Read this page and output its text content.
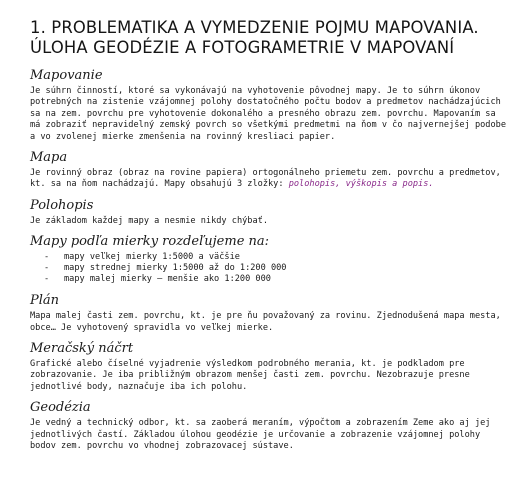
1. PROBLEMATIKA A VYMEDZENIE POJMU MAPOVANIA. ÚLOHA GEODÉZIE A FOTOGRAMETRIE V MAPOVANÍ
Mapovanie

Je súhrn činností, ktoré sa vykonávajú na vyhotovenie pôvodnej mapy. Je to súhrn úkonov potrebných na zistenie vzájomnej polohy dostatočného počtu bodov a predmetov nachádzajúcich sa na zem. povrchu pre vyhotovenie dokonalého a presného obrazu zem. povrchu. Mapovaním sa má zobraziť nepravidelný zemský povrch so všetkými predmetmi na ňom v čo najvernejšej podobe a vo zvolenej mierke zmenšenia na rovinný kresliaci papier.

Mapa

Je rovinný obraz (obraz na rovine papiera) ortogonálneho priemetu zem. povrchu a predmetov, kt. sa na ňom nachádzajú. Mapy obsahujú 3 zložky: polohopis, výškopis a popis.

Polohopis

Je základom každej mapy a nesmie nikdy chýbať.

Mapy podľa mierky rozdeľujeme na:
- mapy veľkej mierky 1:5000 a väčšie
- mapy strednej mierky 1:5000 až do 1:200 000
- mapy malej mierky – menšie ako 1:200 000
Plán

Mapa malej časti zem. povrchu, kt. je pre ňu považovaný za rovinu. Zjednodušená mapa mesta, obce… Je vyhotovený spravidla vo veľkej mierke.

Meračský náčrt

Grafické alebo číselné vyjadrenie výsledkom podrobného merania, kt. je podkladom pre zobrazovanie. Je iba približným obrazom menšej časti zem. povrchu. Nezobrazuje presne jednotlivé body, naznačuje iba ich polohu.

Geodézia

Je vedný a technický odbor, kt. sa zaoberá meraním, výpočtom a zobrazením Zeme ako aj jej jednotlivých častí. Základou úlohou geodézie je určovanie a zobrazenie vzájomnej polohy bodov zem. povrchu vo vhodnej zobrazovacej sústave.
